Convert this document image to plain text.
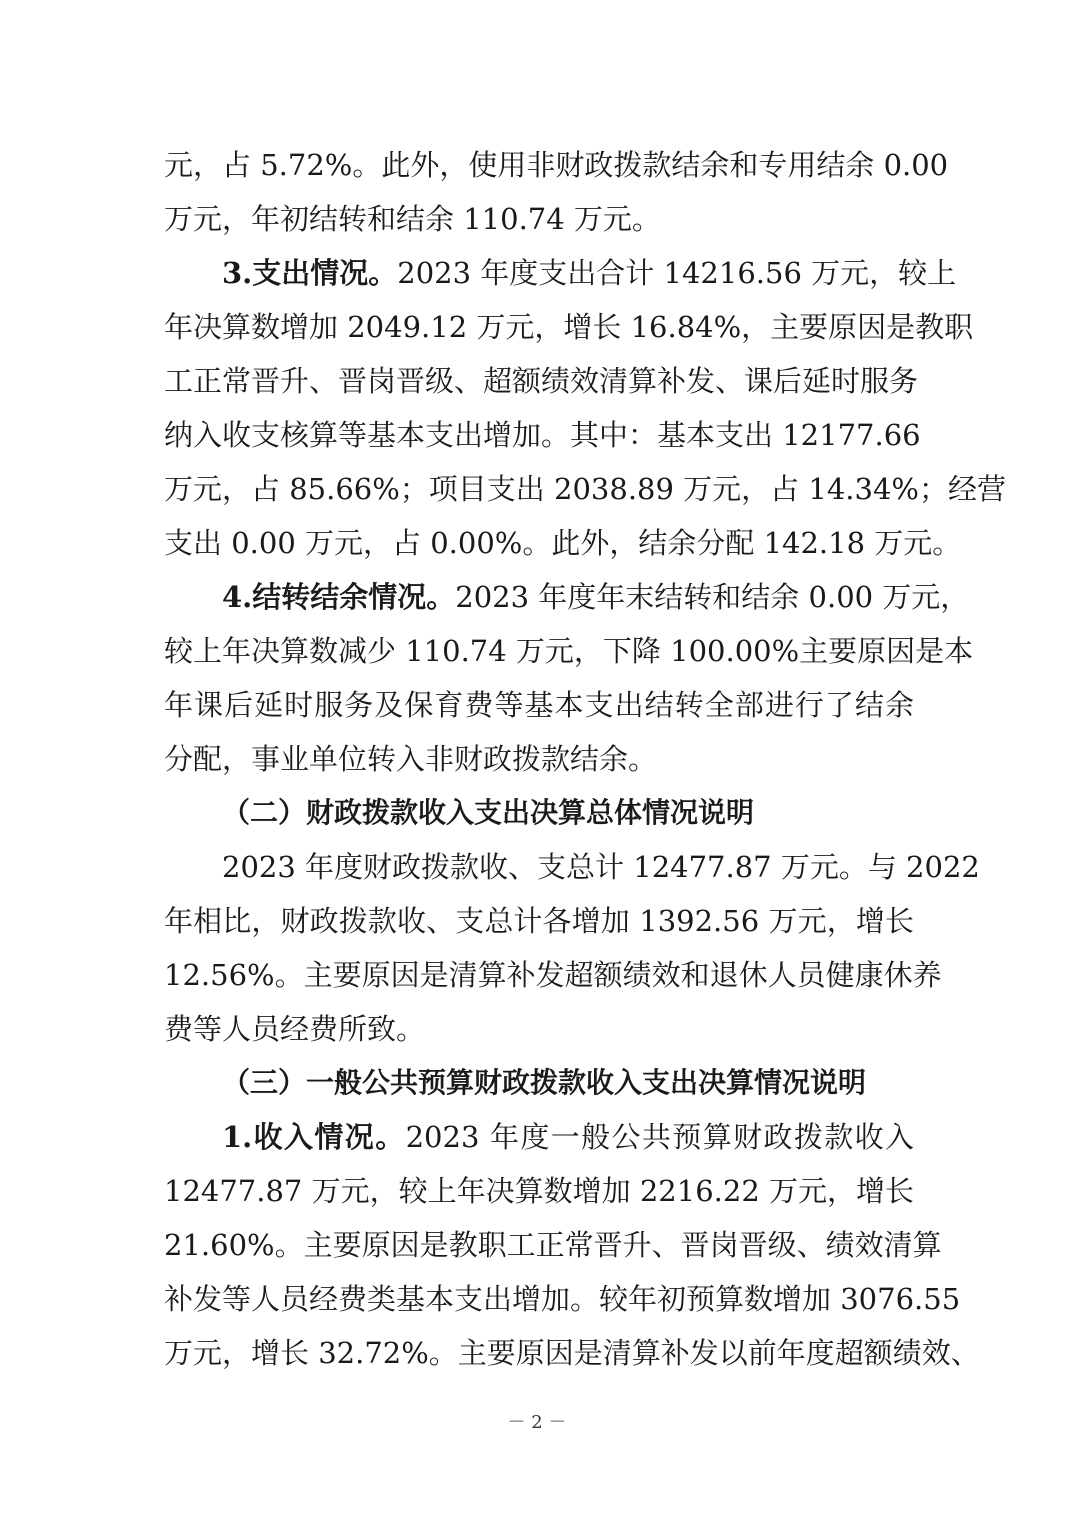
元，占 5.72%。此外，使用非财政拨款结余和专用结余 0.00
万元，年初结转和结余 110.74 万元。
3.支出情况。2023 年度支出合计 14216.56 万元，较上
年决算数增加 2049.12 万元，增长 16.84%，主要原因是教职
工正常晋升、晋岗晋级、超额绩效清算补发、课后延时服务
纳入收支核算等基本支出增加。其中：基本支出 12177.66
万元，占 85.66%；项目支出 2038.89 万元，占 14.34%；经营
支出 0.00 万元，占 0.00%。此外，结余分配 142.18 万元。
4.结转结余情况。2023 年度年末结转和结余 0.00 万元，
较上年决算数减少 110.74 万元，下降 100.00%主要原因是本
年课后延时服务及保育费等基本支出结转全部进行了结余
分配，事业单位转入非财政拨款结余。
（二）财政拨款收入支出决算总体情况说明
2023 年度财政拨款收、支总计 12477.87 万元。与 2022
年相比，财政拨款收、支总计各增加 1392.56 万元，增长
12.56%。主要原因是清算补发超额绩效和退休人员健康休养
费等人员经费所致。
（三）一般公共预算财政拨款收入支出决算情况说明
1.收入情况。2023 年度一般公共预算财政拨款收入
12477.87 万元，较上年决算数增加 2216.22 万元，增长
21.60%。主要原因是教职工正常晋升、晋岗晋级、绩效清算
补发等人员经费类基本支出增加。较年初预算数增加 3076.55
万元，增长 32.72%。主要原因是清算补发以前年度超额绩效、
－ 2 －
